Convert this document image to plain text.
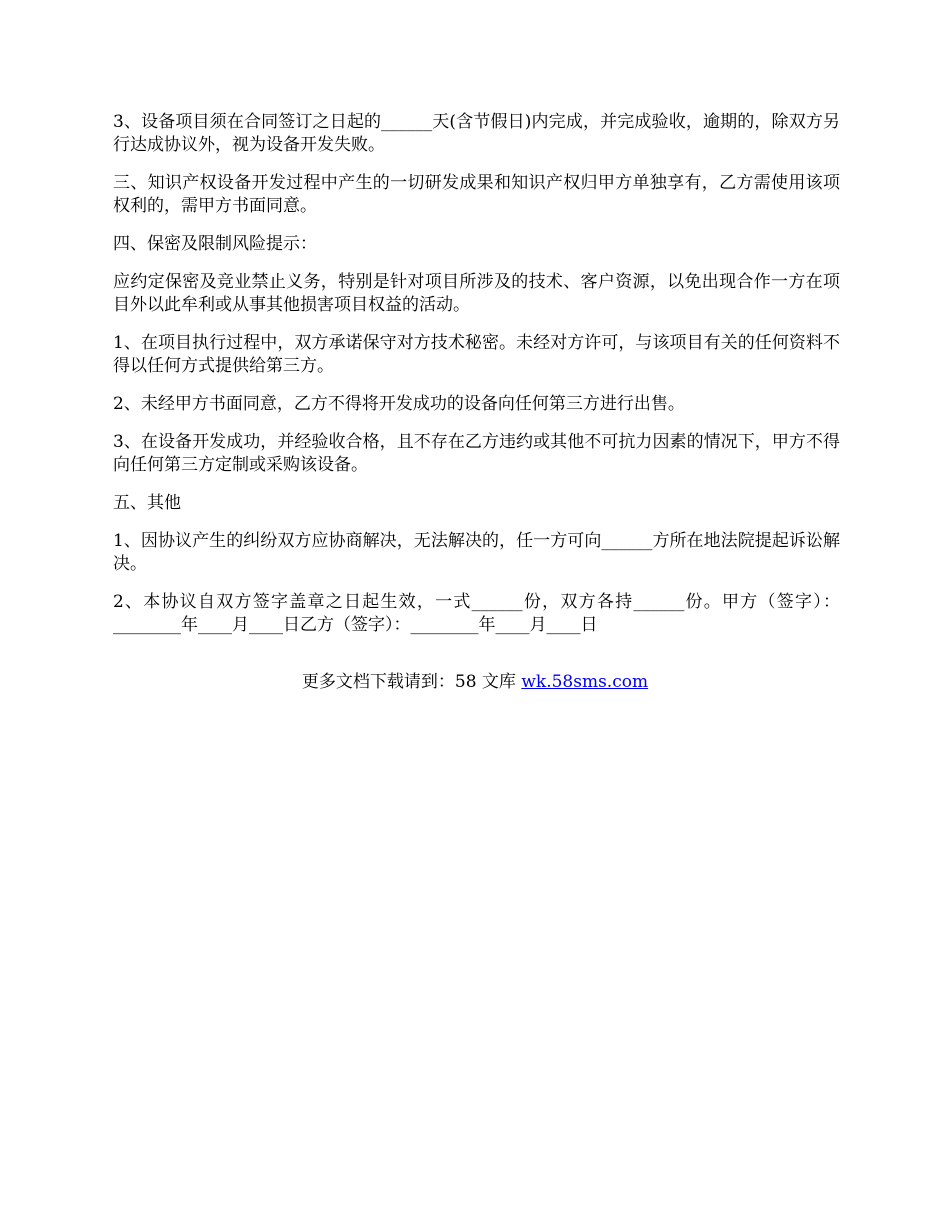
3、设备项目须在合同签订之日起的______天(含节假日)内完成，并完成验收，逾期的，除双方另行达成协议外，视为设备开发失败。

三、知识产权设备开发过程中产生的一切研发成果和知识产权归甲方单独享有，乙方需使用该项权利的，需甲方书面同意。

四、保密及限制风险提示：

应约定保密及竞业禁止义务，特别是针对项目所涉及的技术、客户资源，以免出现合作一方在项目外以此牟利或从事其他损害项目权益的活动。

1、在项目执行过程中，双方承诺保守对方技术秘密。未经对方许可，与该项目有关的任何资料不得以任何方式提供给第三方。

2、未经甲方书面同意，乙方不得将开发成功的设备向任何第三方进行出售。

3、在设备开发成功，并经验收合格，且不存在乙方违约或其他不可抗力因素的情况下，甲方不得向任何第三方定制或采购该设备。

五、其他

1、因协议产生的纠纷双方应协商解决，无法解决的，任一方可向______方所在地法院提起诉讼解决。

2、本协议自双方签字盖章之日起生效，一式______份，双方各持______份。甲方（签字）：________年____月____日乙方（签字）：________年____月____日

更多文档下载请到：58 文库 wk.58sms.com
